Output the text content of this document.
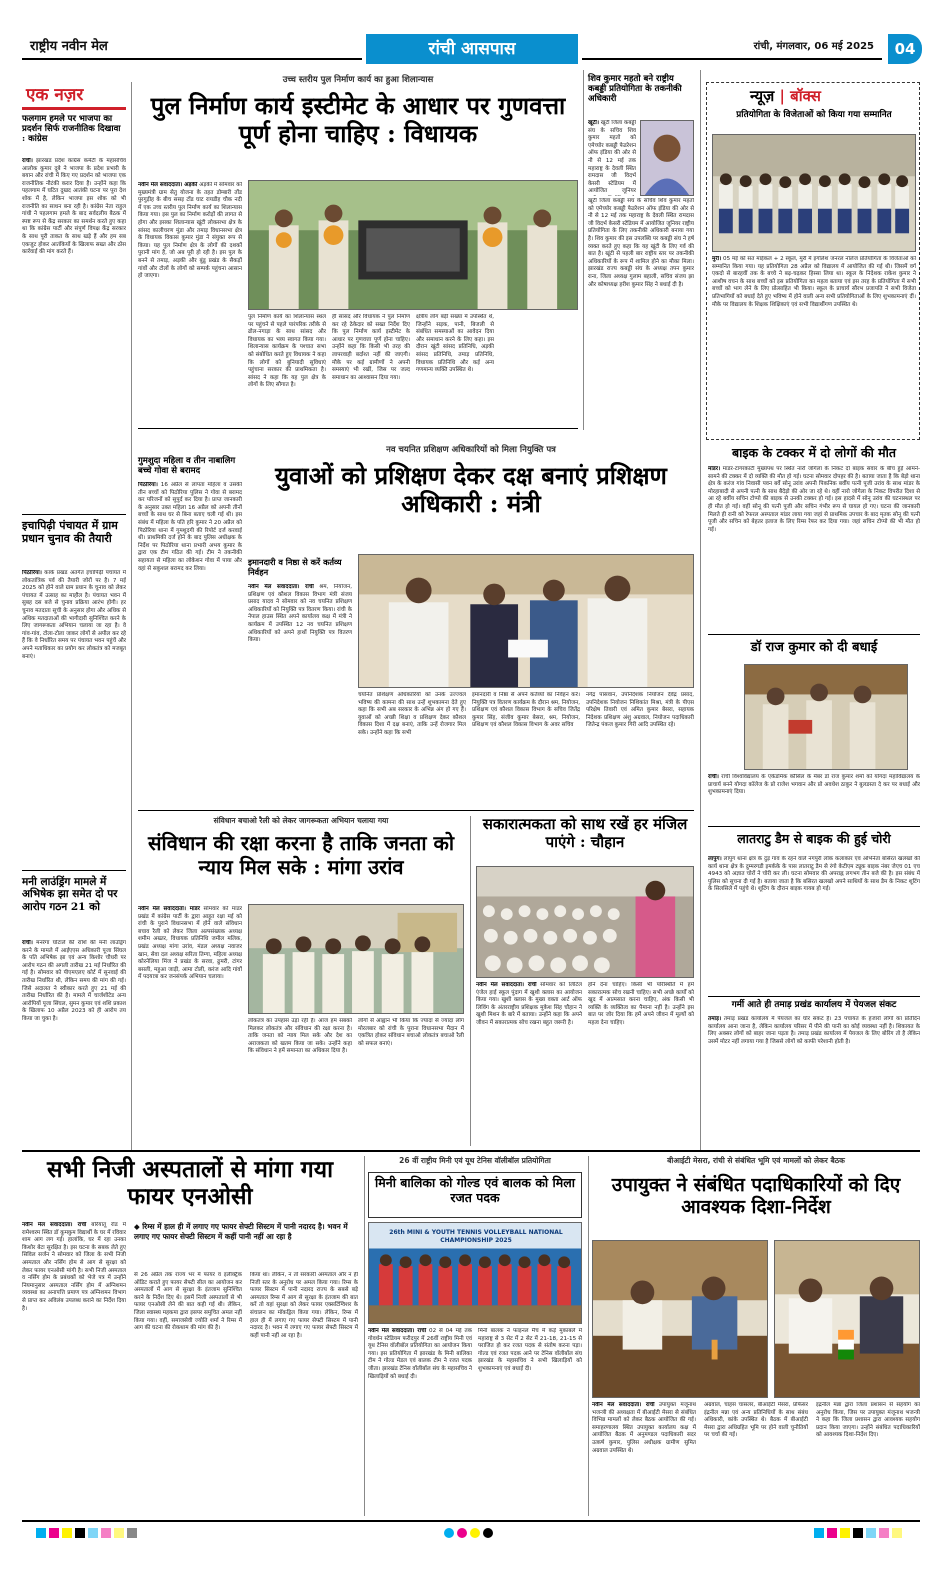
राष्ट्रीय नवीन मेल	रांची आसपास	रांची, मंगलवार, 06 मई 2025	04
एक नज़र
फलगाम हमले पर भाजपा का प्रदर्शन सिर्फ राजनीतिक दिखावा : कांग्रेस
रांची। झारखंड प्रदेश कांग्रेस कमेटी के महासचिव आलोक कुमार दूबे ने भाजपा के प्रदेश प्रभारी के बयान और रांची में किए गए प्रदर्शन को भाजपा एक राजनीतिक नौटंकी करार दिया है। उन्होंने कहा कि पहलगाम में घटित दुखद आतंकी घटना पर पूरा देश शोक में है, लेकिन भाजपा इस शोक को भी राजनीति का साधन बना रही है। कांग्रेस नेता राहुल गांधी ने पहलगाम हमले के बाद सर्वदलीय बैठक में स्पष्ट रूप से केंद्र सरकार का समर्थन करते हुए कहा था कि कांग्रेस पार्टी और संपूर्ण विपक्ष केंद्र सरकार के साथ पूरी ताकत के साथ खड़े हैं और हम सब एकजुट होकर आतंकियों के खिलाफ सख्त और ठोस कार्रवाई की मांग करते हैं।
इचापिढ़ी पंचायत में ग्राम प्रधान चुनाव की तैयारी
पिठोरिया। कांके प्रखंड अंतर्गत इचापिढ़ी पंचायत में लोकतांत्रिक पर्व की तैयारी जोरों पर है। 7 मई 2025 को होने वाले ग्राम प्रधान के चुनाव को लेकर पंचायत में उत्साह का माहौल है। पंचायत भवन में सुबह दस बजे से चुनाव प्रक्रिया आरंभ होगी। हर चुनाव मतदाता सूची के अनुसार होगा और अधिक से अधिक मतदाताओं की भागीदारी सुनिश्चित करने के लिए जागरूकता अभियान चलाया जा रहा है। वे गांव-गांव, टोला-टोला जाकर लोगों से अपील कर रहे हैं कि वे निर्धारित समय पर पंचायत भवन पहुंचें और अपने मताधिकार का प्रयोग कर लोकतंत्र को मजबूत बनाएं।
मनी लाउंड्रिंग मामले में अभिषेक झा समेत दो पर आरोप गठन 21 को
रांची। मनरेगा घोटाले की राशि की मनी लाउंड्रिंग करने के मामले में आईएएस अधिकारी पूजा सिंघल के पति अभिषेक झा एवं अन्य किशोर चौधरी पर आरोप गठन की अगली तारीख 21 मई निर्धारित की गई है। सोमवार को पीएमएलए कोर्ट में सुनवाई की तारीख निर्धारित थी, लेकिन समय की मांग की गई। जिसे अदालत ने स्वीकार करते हुए 21 मई की तारीख निर्धारित की है। मामले में चार्जशीटेड अन्य आरोपियों पूजा सिंघल, सुमन कुमार एवं शशि प्रकाश के खिलाफ 10 अप्रैल 2023 को ही आरोप तय किया जा चुका है।
उच्च स्तरीय पुल निर्माण कार्य का हुआ शिलान्यास
पुल निर्माण कार्य इस्टीमेट के आधार पर गुणवत्ता पूर्ण होना चाहिए : विधायक
नवीन मेल संवाददाता। अड़की अड़की में सोमवार को मुख्यमंत्री ग्राम सेतु योजना के तहत डोम्बारी तोंड पुरगुड़ीह के बीच ससइ टोंड घाट रायडीह चौक नदी में एक उच्च स्तरीय पुल निर्माण कार्य का शिलान्यास किया गया। इस पुल का निर्माण करोड़ों की लागत से होगा और इसका शिलान्यास खूंटी लोकसभा क्षेत्र के सांसद कालीचरण मुंडा और तमाड़ विधानसभा क्षेत्र के विधायक विकास कुमार मुंडा ने संयुक्त रूप से किया। यह पुल निर्माण क्षेत्र के लोगों की दशकों पुरानी मांग है, जो अब पूरी हो रही है। इस पुल के बनने से तमाड़, अड़की और बुंडू प्रखंड के सैकड़ों गांवों और टोलों के लोगों को सम्पर्क पहुंचना आसान हो जाएगा।
पुल निर्माण कार्य का शिलान्यास स्थल पर पहुंचने से पहले पारंपरिक तरीके से ढोल-नगाड़ा के साथ सांसद और विधायक का भव्य स्वागत किया गया। शिलान्यास कार्यक्रम के पश्चात सभा को संबोधित करते हुए विधायक ने कहा कि लोगों को बुनियादी सुविधाएं पहुंचाना सरकार की प्राथमिकता है। सांसद ने कहा कि यह पुल क्षेत्र के लोगों के लिए सौगात है।
ही सांसद और विधायक ने पुल निर्माण कर रहे ठेकेदार को सख्त निर्देश दिए कि पुल निर्माण कार्य इस्टीमेट के आधार पर गुणवत्ता पूर्ण होना चाहिए। उन्होंने कहा कि किसी भी तरह की लापरवाही बर्दाश्त नहीं की जाएगी। मौके पर कई ग्रामीणों ने अपनी समस्याएं भी रखीं, जिस पर जल्द समाधान का आश्वासन दिया गया।
क्षेत्रीय लोग बड़ी संख्या में उपस्थित थे, जिन्होंने सड़क, पानी, बिजली से संबंधित समस्याओं का आवेदन दिया और समाधान करने के लिए कहा। इस दौरान खूंटी सांसद प्रतिनिधि, अड़की सांसद प्रतिनिधि, तमाड़ प्रतिनिधि, विधायक प्रतिनिधि और कई अन्य गणमान्य व्यक्ति उपस्थित थे।
शिव कुमार महतो बने राष्ट्रीय कबड्डी प्रतियोगिता के तकनीकी अधिकारी
खूंटी। खूंटी जिला कबड्डी संघ के सचिव शिव कुमार महतो को एमेच्योर कबड्डी फेडरेशन ऑफ इंडिया की ओर से नौ से 12 मई तक महाराष्ट्र के देवली स्थित रामदास जी विदर्भ केसरी स्टेडियम में आयोजित जूनियर
खूंटी जिला कबड्डी संघ के सचिव शिव कुमार महतो को एमेच्योर कबड्डी फेडरेशन ऑफ इंडिया की ओर से नौ से 12 मई तक महाराष्ट्र के देवली स्थित रामदास जी विदर्भ केसरी स्टेडियम में आयोजित जूनियर राष्ट्रीय प्रतियोगिता के लिए तकनीकी अधिकारी बनाया गया है। शिव कुमार की इस उपलब्धि पर कबड्डी संघ ने हर्ष व्यक्त करते हुए कहा कि यह खूंटी के लिए गर्व की बात है। खूंटी से पहली बार राष्ट्रीय स्तर पर तकनीकी अधिकारियों के रूप में शामिल होने का मौका मिला। झारखंड राज्य कबड्डी संघ के अध्यक्ष तपन कुमार राना, जिला अध्यक्ष गुलाम बहाली, सचिव संजय झा और कोषाध्यक्ष हरीश कुमार सिंह ने बधाई दी है।
न्यूज़ | बॉक्स
प्रतियोगिता के विजेताओं को किया गया सम्मानित
मुरी। 05 मई को संत माईकल + 2 स्कूल, मुरी में इंगलिश जनरल नॉलेज प्रतियोगिता के विजेताओं को सम्मानित किया गया। यह प्रतियोगिता 28 अप्रैल को विद्यालय में आयोजित की गई थी। जिसमें वर्ग एकदो से बारहवीं तक के बच्चे ने बढ़-चढ़कर हिस्सा लिया था। स्कूल के निदेशक राकेश कुमार ने आशीष वचन के साथ बच्चों को इस प्रतियोगिता का महत्व बताया एवं इस तरह के प्रतियोगिता में सभी बच्चों को भाग लेने के लिए प्रोत्साहित भी किया। स्कूल के प्राचार्य सौरभ प्रजापति ने सभी विजेता प्रतिभागियों को बधाई देते हुए भविष्य में होने वाली अन्य सभी प्रतियोगिताओं के लिए शुभकामनाएं दीं। मौके पर विद्यालय के शिक्षक शिक्षिकाएं एवं सभी विद्यार्थीगण उपस्थित थे।
बाइक के टक्कर में दो लोगों की मौत
मांडर। मांडर-टांगरकाटी मुख्यपथ पर स्थित नारो जोगेला के निकट दो बाइक सवार के बीच हुई आमने-सामने की टक्कर में दो व्यक्ति की मौत हो गई। घटना सोमवार दोपहर की है। बताया जाता है कि बेड़ो थाना क्षेत्र के करंज गांव निवासी पवन बर्वे सोनू उरांव अपनी पिकनिक बर्वीय पत्नी पूजी उरांव के साथ मांडर के मोरहाबादी से अपनी पत्नी के साथ बैदेड़ो की ओर जा रहे थे। वहीं नारो जोगेला के निकट विपरीत दिशा से आ रहे बर्वीय सचिन टोप्पो की बाइक से उनकी टक्कर हो गई। इस हादसे में सोनू उरांव की घटनास्थल पर ही मौत हो गई। वहीं सोनू की पत्नी पूजी और सचिन गंभीर रूप से घायल हो गए। घटना की जानकारी मिलते ही रानी को रेफरल अस्पताल मांडर लाया गया जहां से प्राथमिक उपचार के बाद मृतक सोनू की पत्नी पूजी और सचिन को बेहतर इलाज के लिए रिम्स रेफर कर दिया गया। जहां सचिन टोप्पो की भी मौत हो गई।
डॉ राज कुमार को दी बधाई
रांची। रांची विश्वविद्यालय के एकेडमिक कौंसिल के मेंबर डॉ राज कुमार शर्मा को योगदा महाविद्यालय के प्राचार्य बनने योगदा कॉलेज के प्रो राजेश भगवान और प्रो अवधेश ठाकुर ने बुलडस्ता दे कर पर बधाई और शुभकामनाएं दिया।
लातराटु डैम से बाइक की हुई चोरी
लापुंग। लापुंग थाना क्षेत्र के दुड़ गांव के रहने वाले नगपुरी लोक कलाकार एवं अभिनेता बसिरत खलखो की कार्य थाना क्षेत्र के दुम्मरगडी इमर्कके के पास लातराटु डैम से रंगो केटीएम ट्यूक बाइक नंबर जेएच 01 एच 4943 को अज्ञात चोरों ने चोरी कर ली। घटना सोमवार की अपराह्न लगभग तीन बजे की है। इस संबंध में पुलिस को सूचना दी गई है। बताया जाता है कि बसिरत खलखो अपने साथियों के साथ डैम के निकट शूटिंग के सिलसिले में पहुंचे थे। शूटिंग के दौरान बाइक गायब हो गई।
गर्मी आते ही तमाड़ प्रखंड कार्यालय में पेयजल संकट
तमाड़। तमाड़ प्रखंड कार्यालय में पेयजल का घोर संकट है। 23 पंचायत के हजारों लोगों का प्रतिदिन कार्यालय आना जाना है, लेकिन कार्यालय परिसर में पीने की पानी का कोई व्यवस्था नहीं है। शिकायत के लिए अक्सर लोगों को बाहर जाना पड़ता है। तमाड़ प्रखंड कार्यालय में पेयजल के लिए बोरिंग तो है लेकिन उसमें मोटर नहीं लगाया गया है जिससे लोगों को काफी परेशानी होती है।
गुमशुदा महिला व तीन नाबालिग बच्चे गोवा से बरामद
पिठोरिया। 16 अप्रैल से लापता महिला व उसकी तीन बच्चों को पिठोरिया पुलिस ने गोवा से बरामद कर परिजनों को सुपुर्द कर दिया है। प्राप्त जानकारी के अनुसार उक्त महिला 16 अप्रैल को अपनी तीनों बच्चों के साथ घर से बिना बताए चली गई थी। इस संबंध में महिला के पति हरि कुमार ने 20 अप्रैल को पिठोरिया थाना में गुमशुदगी की रिपोर्ट दर्ज करवाई थी। प्राथमिकी दर्ज होने के बाद पुलिस अधीक्षक के निर्देश पर पिठोरिया थाना प्रभारी अभय कुमार के द्वारा एक टीम गठित की गई। टीम ने तकनीकी सहायता से महिला का लोकेशन गोवा में पाया और वहां से सकुशल बरामद कर लिया।
नव चयनित प्रशिक्षण अधिकारियों को मिला नियुक्ति पत्र
युवाओं को प्रशिक्षण देकर दक्ष बनाएं प्रशिक्षण अधिकारी : मंत्री
इमानदारी व निष्ठा से करें कर्तव्य निर्वहन
नवीन मेल संवाददाता। रांची श्रम, नियोजन, प्रशिक्षण एवं कौशल विकास विभाग मंत्री संजय प्रसाद यादव ने सोमवार को नव चयनित प्रशिक्षण अधिकारियों को नियुक्ति पत्र वितरण किया। रांची के नेपाल हाउस स्थित अपने कार्यालय कक्ष में मंत्री ने कार्यक्रम में उपस्थित 12 नव चयनित प्रशिक्षण अधिकारियों को अपने हाथों नियुक्ति पत्र वितरण किया।
चयनित प्रशिक्षण अधिकारियों को उनके उज्ज्वल भविष्य की कामना की साथ उन्हें शुभकामना देते हुए कहा कि सभी अब सरकार के अभिन्न अंग हो गए हैं। युवाओं को अच्छी शिक्षा व प्रशिक्षण देकर कौशल विकास दिशा में दक्ष बनाएं, ताकि उन्हें रोजगार मिल सके। उन्होंने कहा कि सभी
इमानदारी व निष्ठा से अपने कर्तव्यों का निर्वहन करें। नियुक्ति पत्र वितरण कार्यक्रम के दौरान श्रम, नियोजन, प्रशिक्षण एवं कौशल विकास विभाग के सचिव जितेंद्र कुमार सिंह, संजीव कुमार बेसरा, श्रम, नियोजन, प्रशिक्षण एवं कौशल विकास विभाग के अवर सचिव
नगेंद्र पासवान, उपनिदेशक नियोजन देवेंद्र प्रसाद, उपनिदेशक नियोजन निशिकांत मिश्रा, मंत्री के पीएस परिक्षेष तिवारी एवं अमित कुमार बेसरा, सहायक निदेशक प्रशिक्षण अंशु अग्रवाल, नियोजन पदाधिकारी जितेन्द्र पंकज कुमार गिरी आदि उपस्थित रहे।
संविधान बचाओ रैली को लेकर जागरूकता अभियान चलाया गया
संविधान की रक्षा करना है ताकि जनता को न्याय मिल सके : मांगा उरांव
नवीन मेल संवाददाता। मांडर सोमवार को मांडर प्रखंड में कांग्रेस पार्टी के द्वारा आहूत रक्षा मई को रांची के पुराने विधानसभा में होने वाले संविधान बचाव रैली को लेकर जिला अल्पसंख्यक अध्यक्ष शमीम अख्तर, विधायक प्रतिनिधि जमील मलिक, प्रखंड अध्यक्ष मांगा उरांव, मंडल अध्यक्ष नवाजर खान, सेवा दल अध्यक्ष सरिता तिग्गा, महिला अध्यक्ष कोरनेलिया मिंज ने प्रखंड के सरवा, ढुमरी, टांगर बसली, महुआ जाड़ी, आमा टोली, करंज आदि गांवों में पदयात्रा कर जनसंपर्क अभियान चलाया।
लोकतंत्र का उपहास उड़ा रही है। आज हम सबको मिलकर लोकतंत्र और संविधान की रक्षा करना है। ताकि जनता को न्याय मिल सके और देश का अराजकता को खतम किया जा सके। उन्होंने कहा कि संविधान ने हमें समानता का अधिकार दिया है।
लोगों से आह्वान भी किया कि ज्यादा से ज्यादा लोग मोरलबार को रांची के पुराना विधानसभा मैदान में एकत्रित होकर संविधान बचाओ लोकतंत्र बचाओ रैली को सफल बनाएं।
सकारात्मकता को साथ रखें हर मंजिल पाएंगे : चौहान
नवीन मेल संवाददाता। रांची सोमवार को लिटिल एंजेल हाई स्कूल पुंदाग में खुशी क्लास का आयोजन किया गया। खुशी क्लास के मुख्य वक्ता आर्ट ऑफ लिविंग के अंतरराष्ट्रीय प्रशिक्षक मुकेश सिंह चौहान ने खुशी मिशन के बारे में बताया। उन्होंने कहा कि अपने जीवन में सकारात्मक सोच रखना बहुत जरूरी है।
होने देना चाहिए। किसी भी परिस्थिति में हमें सकारात्मक सोच रखनी चाहिए। सभी अच्छे कार्यों को खुद में आत्मसात करना चाहिए, अंक किसी भी व्यक्ति के व्यक्तित्व का पैमाना नहीं है। उन्होंने इस बात पर जोर दिया कि हमें अपने जीवन में मूल्यों को महत्व देना चाहिए।
सभी निजी अस्पतालों से मांगा गया फायर एनओसी
नवीन मेल संवाददाता। रांची बरियातू रोड में रामेश्वरम स्थित डॉ कुमकुम विद्यार्थी के घर में रविवार शाम आग लग गई। हालांकि, घर में रहा उनका किशोर बेटा सुरक्षित है। इस घटना के सबक लेते हुए सिविल सर्जन ने सोमवार को जिला के सभी निजी अस्पताल और नर्सिंग होम से आग से सुरक्षा को लेकर फायर एनओसी मांगी है। सभी निजी अस्पताल व नर्सिंग होम के प्रबंधकों को भेजे पत्र में उन्होंने नियमानुसार अस्पताल नर्सिंग होम में अग्निशमन व्यवस्था का अनापत्ति प्रमाण पत्र अग्निशमन विभाग से प्राप्त कर अविलंब उपलब्ध कराने का निर्देश दिया है।
◆ रिम्स में हाल ही में लगाए गए फायर सेफ्टी सिस्टम में पानी नदारद है। भवन में लगाए गए फायर सेफ्टी सिस्टम में कहीं पानी नहीं आ रहा है
से 26 अप्रैल तक राज्य भर में फायर व इलेक्ट्रिक ऑडिट कराते हुए फायर सेफ्टी सील का आयोजन कर अस्पतालों में आग से सुरक्षा के इंतजाम सुनिश्चित करने के निर्देश दिए थे। इसमें निजी अस्पतालों से भी फायर एनओसी लेने की बात कही गई थी। लेकिन, जिला स्वास्थ्य महकमा द्वारा इसपर समुचित अमल नहीं किया गया। वहीं, समाजसेवी ज्योति शर्मा ने रिम्स में आग की घटना की रोकथाम की मांग की है।
किया था। लेकिन, न तो सरकारी अस्पताल और न ही निजी स्तर के अनुरोध पर अमल किया गया। रिम्स के फायर सिस्टम में पानी नदारद राज्य के सबसे बड़े अस्पताल रिम्स में आग से सुरक्षा के इंतजाम की बात करें तो यहां सुरक्षा को लेकर फायर एक्सटिंग्विशर के संचालन का मॉकड्रिल किया गया। लेकिन, रिम्स में हाल ही में लगाए गए फायर सेफ्टी सिस्टम में पानी नदारद है। भवन में लगाए गए फायर सेफ्टी सिस्टम में कहीं पानी नहीं आ रहा है।
26 वीं राष्ट्रीय मिनी एवं यूथ टेनिस वॉलीबॉल प्रतियोगिता
मिनी बालिका को गोल्ड एवं बालक को मिला रजत पदक
26th MINI & YOUTH TENNIS VOLLEYBALL NATIONAL CHAMPIONSHIP 2025
नवीन मेल संवाददाता। रांची 02 से 04 मई तक गोवर्धन स्टेडियम फरीदपुर में 26वीं राष्ट्रीय मिनी एवं यूथ टेनिस वॉलीबॉल प्रतियोगिता का आयोजन किया गया। इस प्रतियोगिता में झारखंड के मिनी बालिका टीम ने गोल्ड मेडल एवं बालक टीम ने रजत पदक जीता। झारखंड टेनिस वॉलीबॉल संघ के महासचिव ने खिलाड़ियों को बधाई दी।
मिनी बालक ने फाइनल मैच में कड़े मुकाबले में महाराष्ट्र से 3 सेट में 2 सेट में 21-18, 21-15 से पराजित हो कर रजत पदक से संतोष करना पड़ा। गोल्ड एवं रजत पदक आने पर टेनिस वॉलीबॉल संघ झारखंड के महासचिव ने सभी खिलाड़ियों को शुभकामनाएं एवं बधाई दी।
बीआईटी मेसरा, रांची से संबंधित भूमि एवं मामलों को लेकर बैठक
उपायुक्त ने संबंधित पदाधिकारियों को दिए आवश्यक दिशा-निर्देश
नवीन मेल संवाददाता। रांची उपायुक्त मंजूनाथ भजन्त्री की अध्यक्षता में बीआईटी मेसरा से संबंधित विभिन्न मामलों को लेकर बैठक आयोजित की गई। समाहरणालय स्थित उपायुक्त कार्यालय कक्ष में आयोजित बैठक में अनुमण्डल पदाधिकारी सदर उत्कर्ष कुमार, पुलिस अधीक्षक ग्रामीण सुमित अग्रवाल उपस्थित थे।
अग्रवाल, चाहस चांसलर, बीआईटी मेसरा, प्रोफेसर इंद्रनील मन्ना एवं अन्य प्रतिनिधियों के साथ संबंध अधिकारी, कांके उपस्थित थे। बैठक में बीआईटी मेसरा द्वारा अधिग्रहित भूमि पर होने वाली चुनौतियों पर चर्चा की गई।
इंद्रनील मन्ना द्वारा जिला प्रशासन से सहयोग का अनुरोध किया, जिस पर उपायुक्त मंजूनाथ भजन्त्री ने कहा कि जिला प्रशासन द्वारा आवश्यक सहयोग प्रदान किया जाएगा। उन्होंने संबंधित पदाधिकारियों को आवश्यक दिशा-निर्देश दिए।
